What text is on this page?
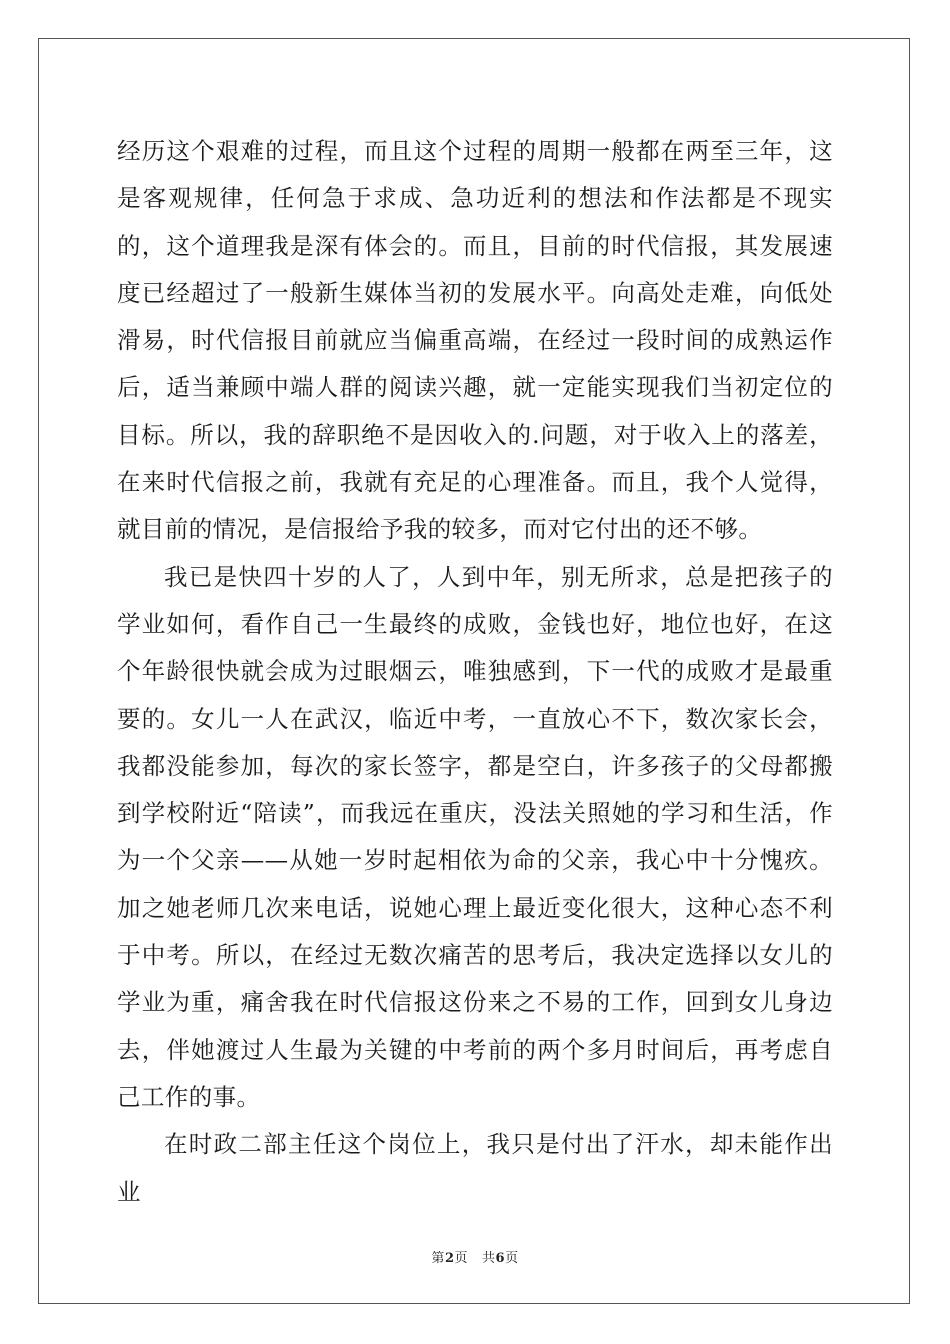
经历这个艰难的过程，而且这个过程的周期一般都在两至三年，这是客观规律，任何急于求成、急功近利的想法和作法都是不现实的，这个道理我是深有体会的。而且，目前的时代信报，其发展速度已经超过了一般新生媒体当初的发展水平。向高处走难，向低处滑易，时代信报目前就应当偏重高端，在经过一段时间的成熟运作后，适当兼顾中端人群的阅读兴趣，就一定能实现我们当初定位的目标。所以，我的辞职绝不是因收入的.问题，对于收入上的落差，在来时代信报之前，我就有充足的心理准备。而且，我个人觉得，就目前的情况，是信报给予我的较多，而对它付出的还不够。

我已是快四十岁的人了，人到中年，别无所求，总是把孩子的学业如何，看作自己一生最终的成败，金钱也好，地位也好，在这个年龄很快就会成为过眼烟云，唯独感到，下一代的成败才是最重要的。女儿一人在武汉，临近中考，一直放心不下，数次家长会，我都没能参加，每次的家长签字，都是空白，许多孩子的父母都搬到学校附近“陪读”，而我远在重庆，没法关照她的学习和生活，作为一个父亲——从她一岁时起相依为命的父亲，我心中十分愧疚。加之她老师几次来电话，说她心理上最近变化很大，这种心态不利于中考。所以，在经过无数次痛苦的思考后，我决定选择以女儿的学业为重，痛舍我在时代信报这份来之不易的工作，回到女儿身边去，伴她渡过人生最为关键的中考前的两个多月时间后，再考虑自己工作的事。

在时政二部主任这个岗位上，我只是付出了汗水，却未能作出业

第2页 共6页
